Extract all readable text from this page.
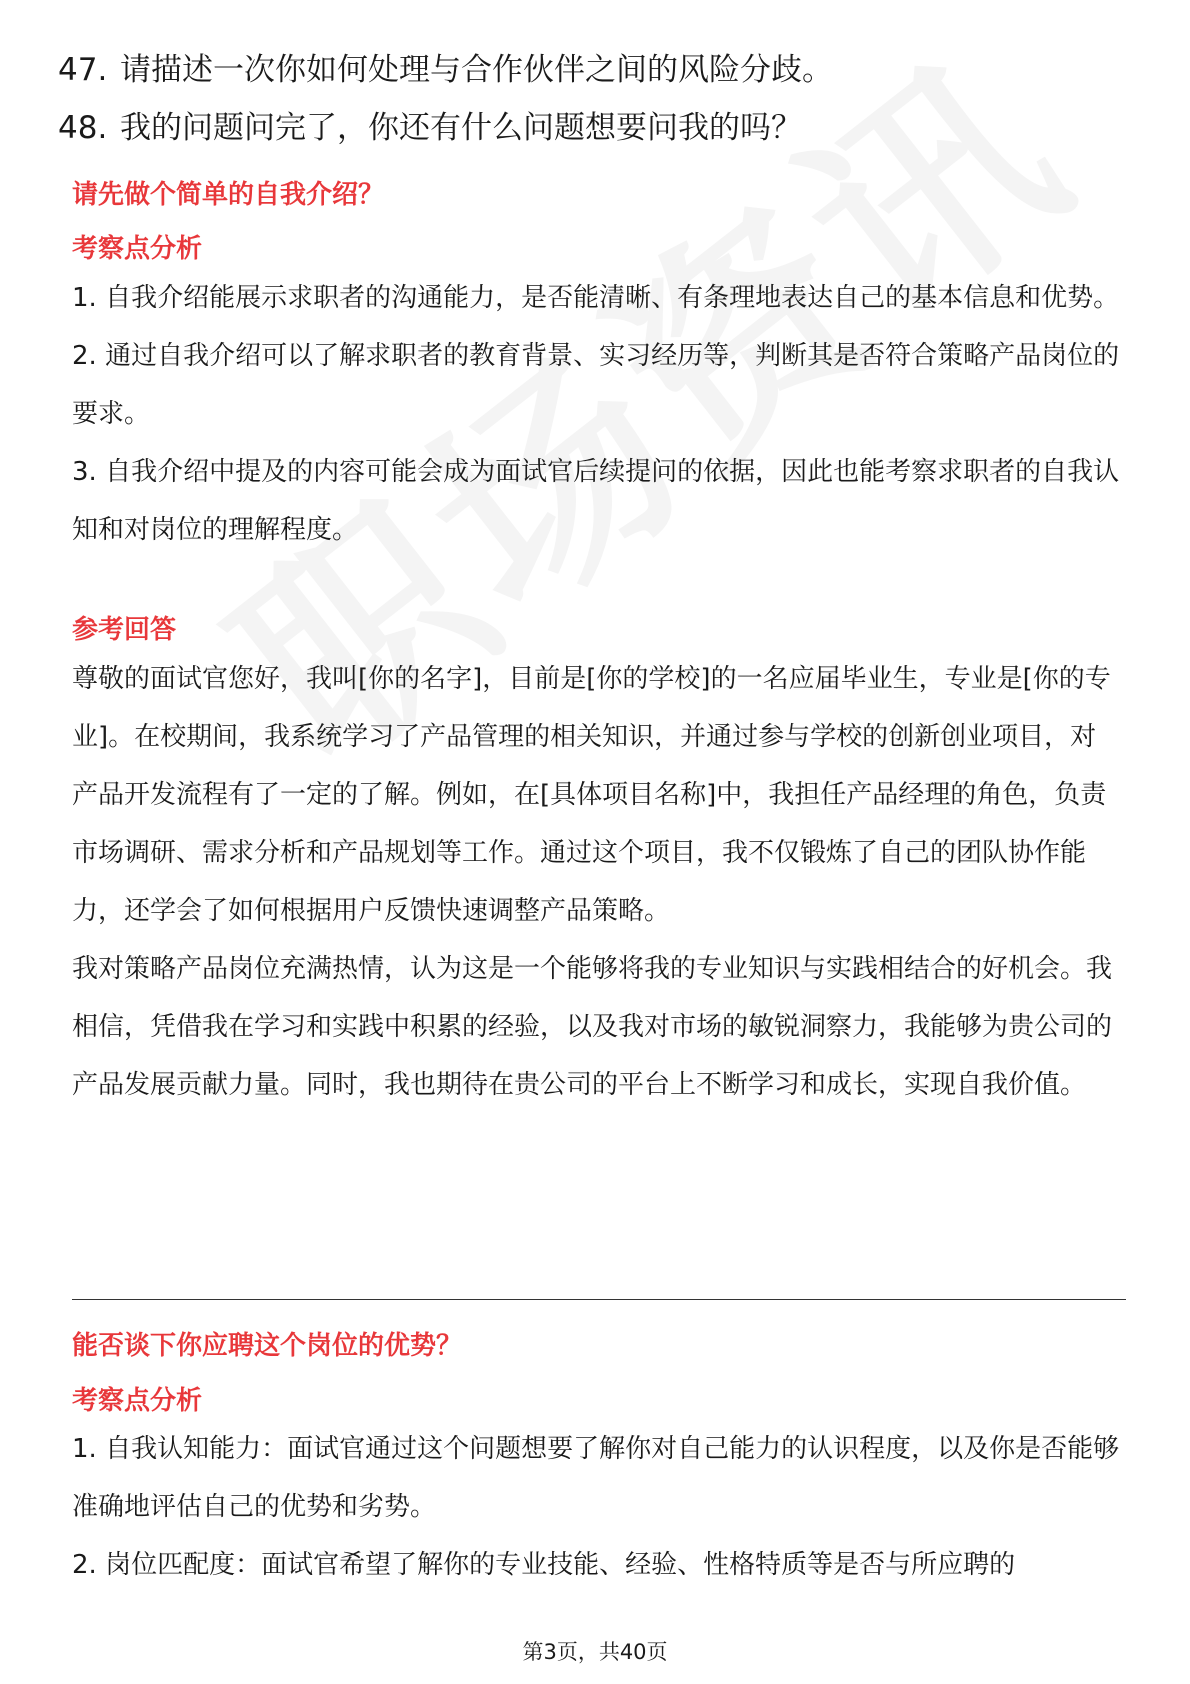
47. 请描述一次你如何处理与合作伙伴之间的风险分歧。
48. 我的问题问完了，你还有什么问题想要问我的吗？
请先做个简单的自我介绍？
考察点分析

1. 自我介绍能展示求职者的沟通能力，是否能清晰、有条理地表达自己的基本信息和优势。

2. 通过自我介绍可以了解求职者的教育背景、实习经历等，判断其是否符合策略产品岗位的要求。

3. 自我介绍中提及的内容可能会成为面试官后续提问的依据，因此也能考察求职者的自我认知和对岗位的理解程度。

参考回答

尊敬的面试官您好，我叫[你的名字]，目前是[你的学校]的一名应届毕业生，专业是[你的专业]。在校期间，我系统学习了产品管理的相关知识，并通过参与学校的创新创业项目，对产品开发流程有了一定的了解。例如，在[具体项目名称]中，我担任产品经理的角色，负责市场调研、需求分析和产品规划等工作。通过这个项目，我不仅锻炼了自己的团队协作能力，还学会了如何根据用户反馈快速调整产品策略。

我对策略产品岗位充满热情，认为这是一个能够将我的专业知识与实践相结合的好机会。我相信，凭借我在学习和实践中积累的经验，以及我对市场的敏锐洞察力，我能够为贵公司的产品发展贡献力量。同时，我也期待在贵公司的平台上不断学习和成长，实现自我价值。

能否谈下你应聘这个岗位的优势？
考察点分析

1. 自我认知能力：面试官通过这个问题想要了解你对自己能力的认识程度，以及你是否能够准确地评估自己的优势和劣势。

2. 岗位匹配度：面试官希望了解你的专业技能、经验、性格特质等是否与所应聘的

第3页，共40页
